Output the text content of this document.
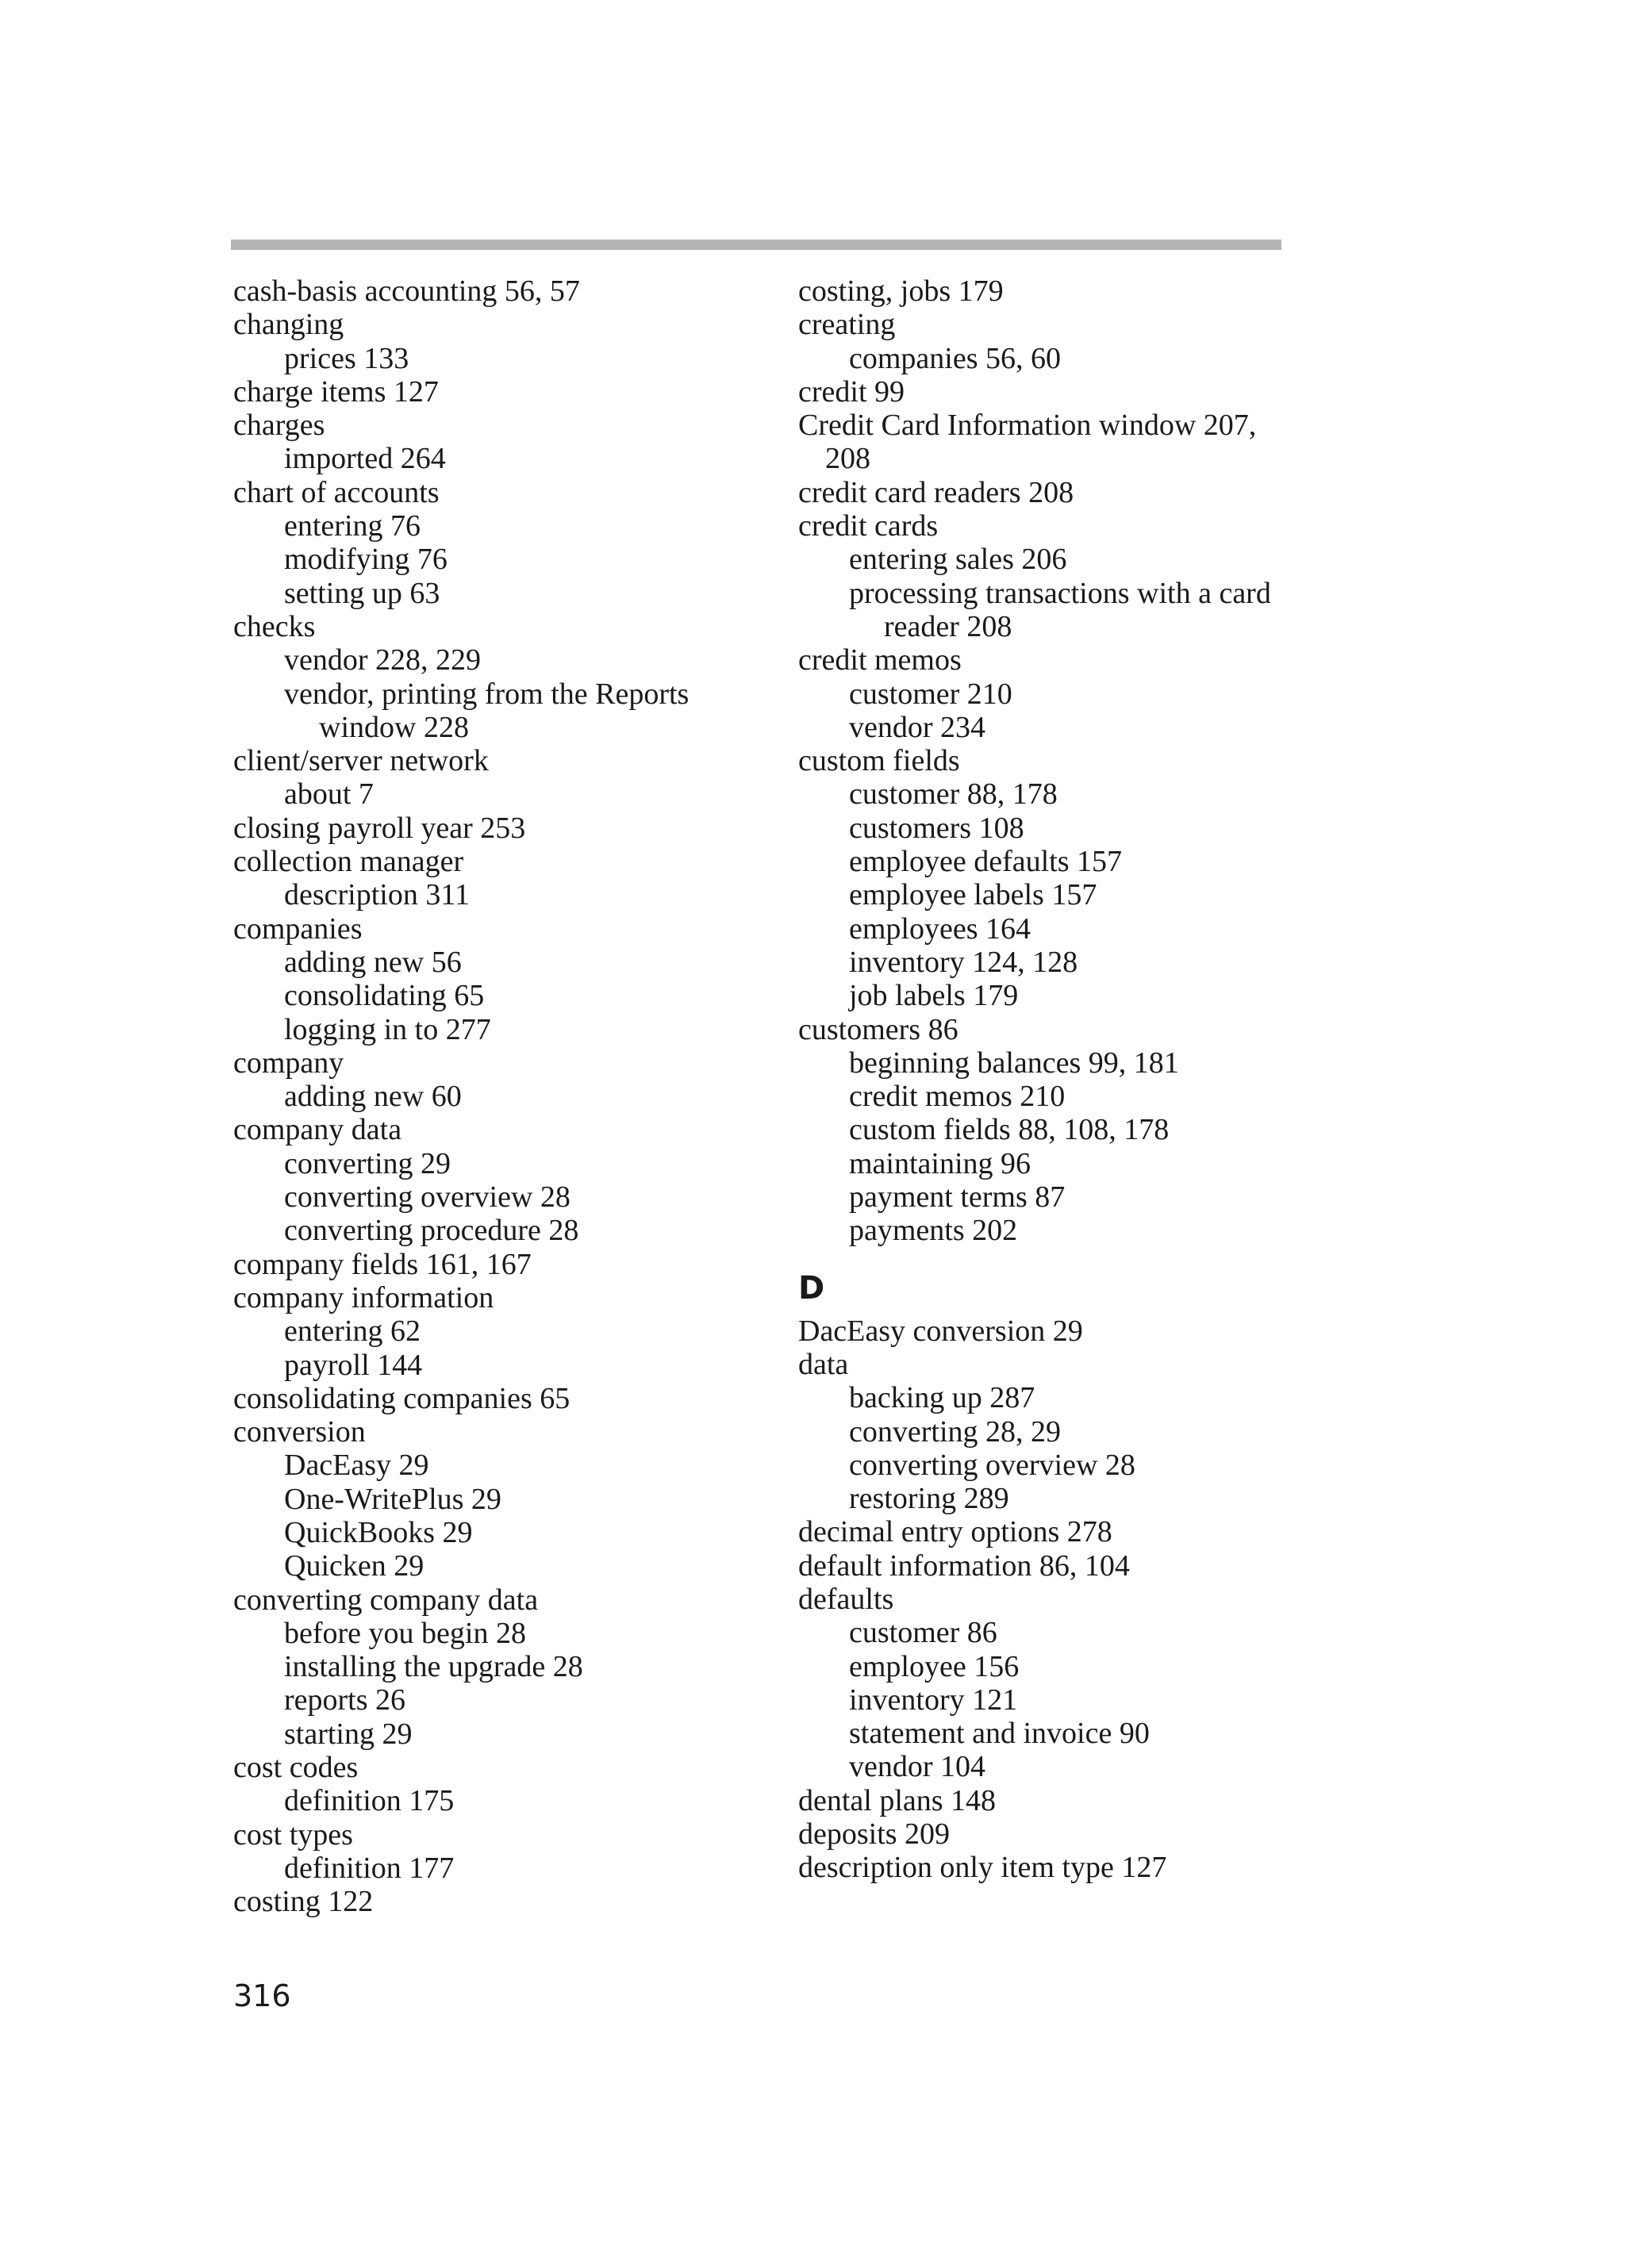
cash-basis accounting 56, 57
changing
prices 133
charge items 127
charges
imported 264
chart of accounts
entering 76
modifying 76
setting up 63
checks
vendor 228, 229
vendor, printing from the Reports
window 228
client/server network
about 7
closing payroll year 253
collection manager
description 311
companies
adding new 56
consolidating 65
logging in to 277
company
adding new 60
company data
converting 29
converting overview 28
converting procedure 28
company fields 161, 167
company information
entering 62
payroll 144
consolidating companies 65
conversion
DacEasy 29
One-WritePlus 29
QuickBooks 29
Quicken 29
converting company data
before you begin 28
installing the upgrade 28
reports 26
starting 29
cost codes
definition 175
cost types
definition 177
costing 122
costing, jobs 179
creating
companies 56, 60
credit 99
Credit Card Information window 207,
208
credit card readers 208
credit cards
entering sales 206
processing transactions with a card
reader 208
credit memos
customer 210
vendor 234
custom fields
customer 88, 178
customers 108
employee defaults 157
employee labels 157
employees 164
inventory 124, 128
job labels 179
customers 86
beginning balances 99, 181
credit memos 210
custom fields 88, 108, 178
maintaining 96
payment terms 87
payments 202
D
DacEasy conversion 29
data
backing up 287
converting 28, 29
converting overview 28
restoring 289
decimal entry options 278
default information 86, 104
defaults
customer 86
employee 156
inventory 121
statement and invoice 90
vendor 104
dental plans 148
deposits 209
description only item type 127
316
